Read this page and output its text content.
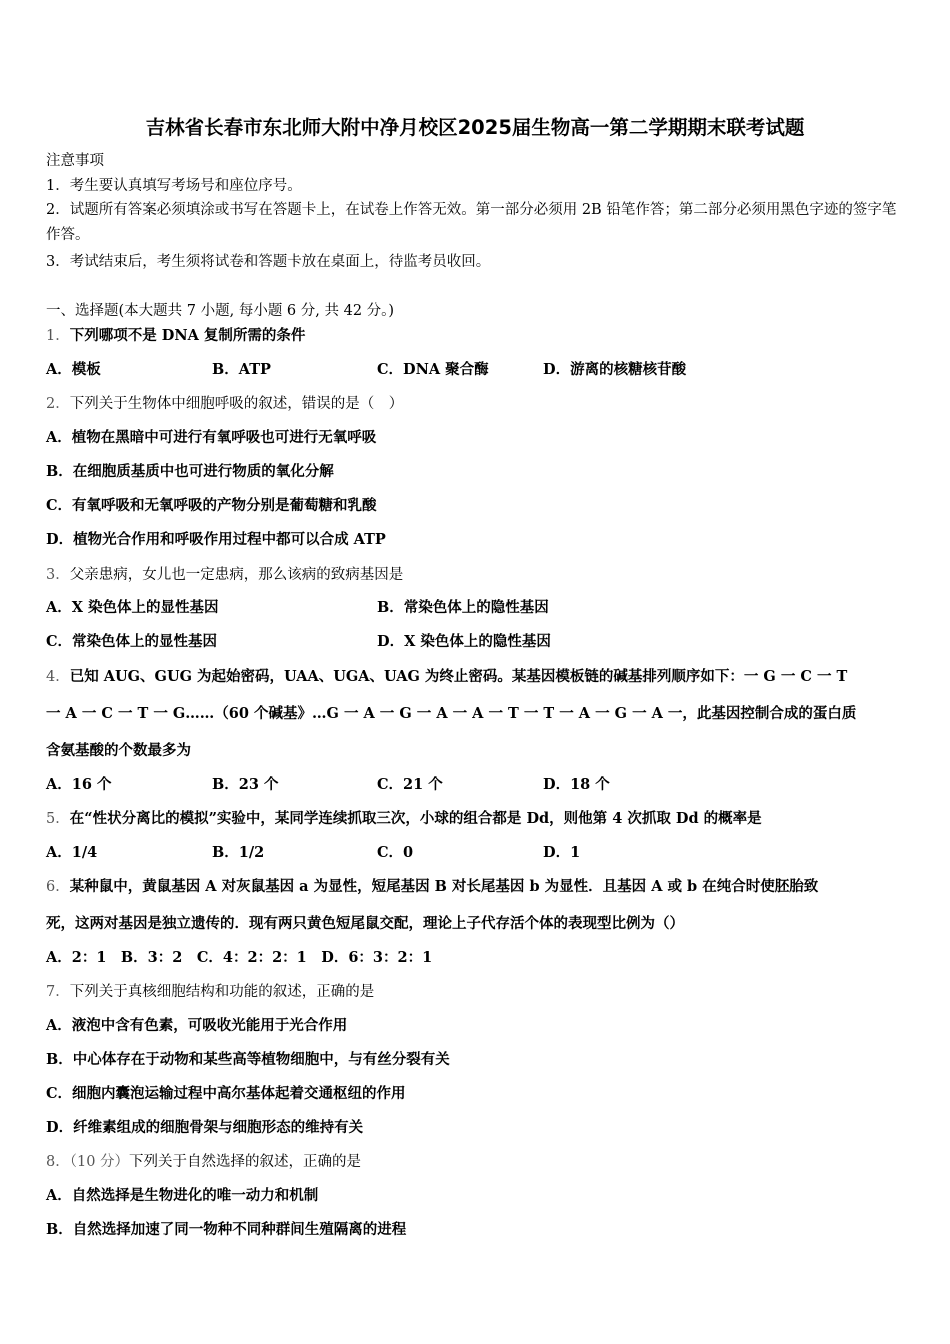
吉林省长春市东北师大附中净月校区2025届生物高一第二学期期末联考试题
注意事项
1．考生要认真填写考场号和座位序号。
2．试题所有答案必须填涂或书写在答题卡上，在试卷上作答无效。第一部分必须用 2B 铅笔作答；第二部分必须用黑色字迹的签字笔作答。
3．考试结束后，考生须将试卷和答题卡放在桌面上，待监考员收回。
一、选择题(本大题共 7 小题, 每小题 6 分, 共 42 分。)
1．下列哪项不是 DNA 复制所需的条件
A．模板	B．ATP	C．DNA 聚合酶	D．游离的核糖核苷酸
2．下列关于生物体中细胞呼吸的叙述，错误的是（　）
A．植物在黑暗中可进行有氧呼吸也可进行无氧呼吸
B．在细胞质基质中也可进行物质的氧化分解
C．有氧呼吸和无氧呼吸的产物分别是葡萄糖和乳酸
D．植物光合作用和呼吸作用过程中都可以合成 ATP
3．父亲患病，女儿也一定患病，那么该病的致病基因是
A．X 染色体上的显性基因	B．常染色体上的隐性基因
C．常染色体上的显性基因	D．X 染色体上的隐性基因
4．已知 AUG、GUG 为起始密码，UAA、UGA、UAG 为终止密码。某基因模板链的碱基排列顺序如下：一 G 一 C 一 T
一 A 一 C 一 T 一 G……（60 个碱基》…G 一 A 一 G 一 A 一 A 一 T 一 T 一 A 一 G 一 A 一，此基因控制合成的蛋白质
含氨基酸的个数最多为
A．16 个	B．23 个	C．21 个	D．18 个
5．在“性状分离比的模拟”实验中，某同学连续抓取三次，小球的组合都是 Dd，则他第 4 次抓取 Dd 的概率是
A．1/4	B．1/2	C．0	D．1
6．某种鼠中，黄鼠基因 A 对灰鼠基因 a 为显性，短尾基因 B 对长尾基因 b 为显性．且基因 A 或 b 在纯合时使胚胎致
死，这两对基因是独立遗传的．现有两只黄色短尾鼠交配，理论上子代存活个体的表现型比例为（）
A．2：1　B．3：2　C．4：2：2：1　D．6：3：2：1
7．下列关于真核细胞结构和功能的叙述，正确的是
A．液泡中含有色素，可吸收光能用于光合作用
B．中心体存在于动物和某些高等植物细胞中，与有丝分裂有关
C．细胞内囊泡运输过程中高尔基体起着交通枢纽的作用
D．纤维素组成的细胞骨架与细胞形态的维持有关
8．（10 分）下列关于自然选择的叙述，正确的是
A．自然选择是生物进化的唯一动力和机制
B．自然选择加速了同一物种不同种群间生殖隔离的进程
